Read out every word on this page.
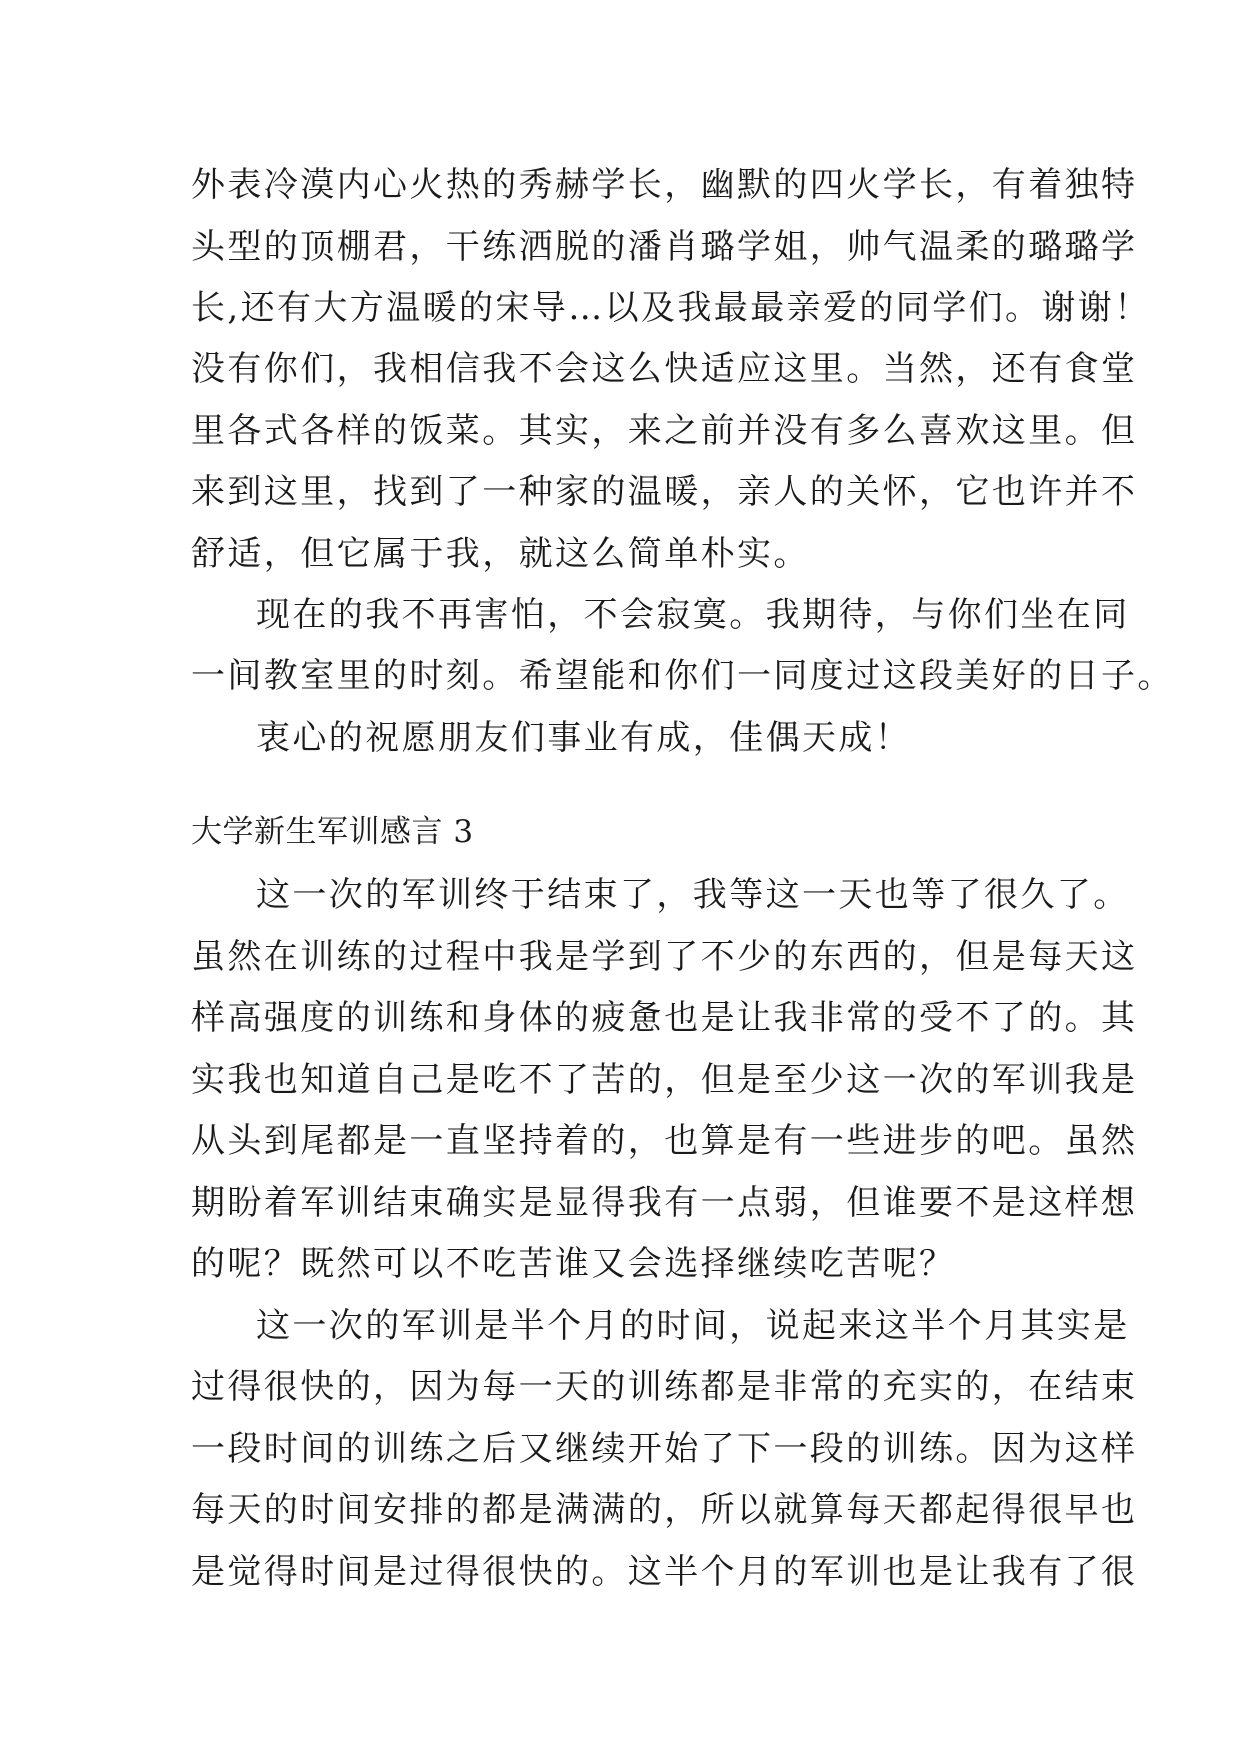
外表冷漠内心火热的秀赫学长，幽默的四火学长，有着独特
头型的顶棚君，干练洒脱的潘肖璐学姐，帅气温柔的璐璐学
长,还有大方温暖的宋导…以及我最最亲爱的同学们。谢谢！
没有你们，我相信我不会这么快适应这里。当然，还有食堂
里各式各样的饭菜。其实，来之前并没有多么喜欢这里。但
来到这里，找到了一种家的温暖，亲人的关怀，它也许并不
舒适，但它属于我，就这么简单朴实。
现在的我不再害怕，不会寂寞。我期待，与你们坐在同
一间教室里的时刻。希望能和你们一同度过这段美好的日子。
衷心的祝愿朋友们事业有成，佳偶天成！
大学新生军训感言 3
这一次的军训终于结束了，我等这一天也等了很久了。
虽然在训练的过程中我是学到了不少的东西的，但是每天这
样高强度的训练和身体的疲惫也是让我非常的受不了的。其
实我也知道自己是吃不了苦的，但是至少这一次的军训我是
从头到尾都是一直坚持着的，也算是有一些进步的吧。虽然
期盼着军训结束确实是显得我有一点弱，但谁要不是这样想
的呢？既然可以不吃苦谁又会选择继续吃苦呢？
这一次的军训是半个月的时间，说起来这半个月其实是
过得很快的，因为每一天的训练都是非常的充实的，在结束
一段时间的训练之后又继续开始了下一段的训练。因为这样
每天的时间安排的都是满满的，所以就算每天都起得很早也
是觉得时间是过得很快的。这半个月的军训也是让我有了很
